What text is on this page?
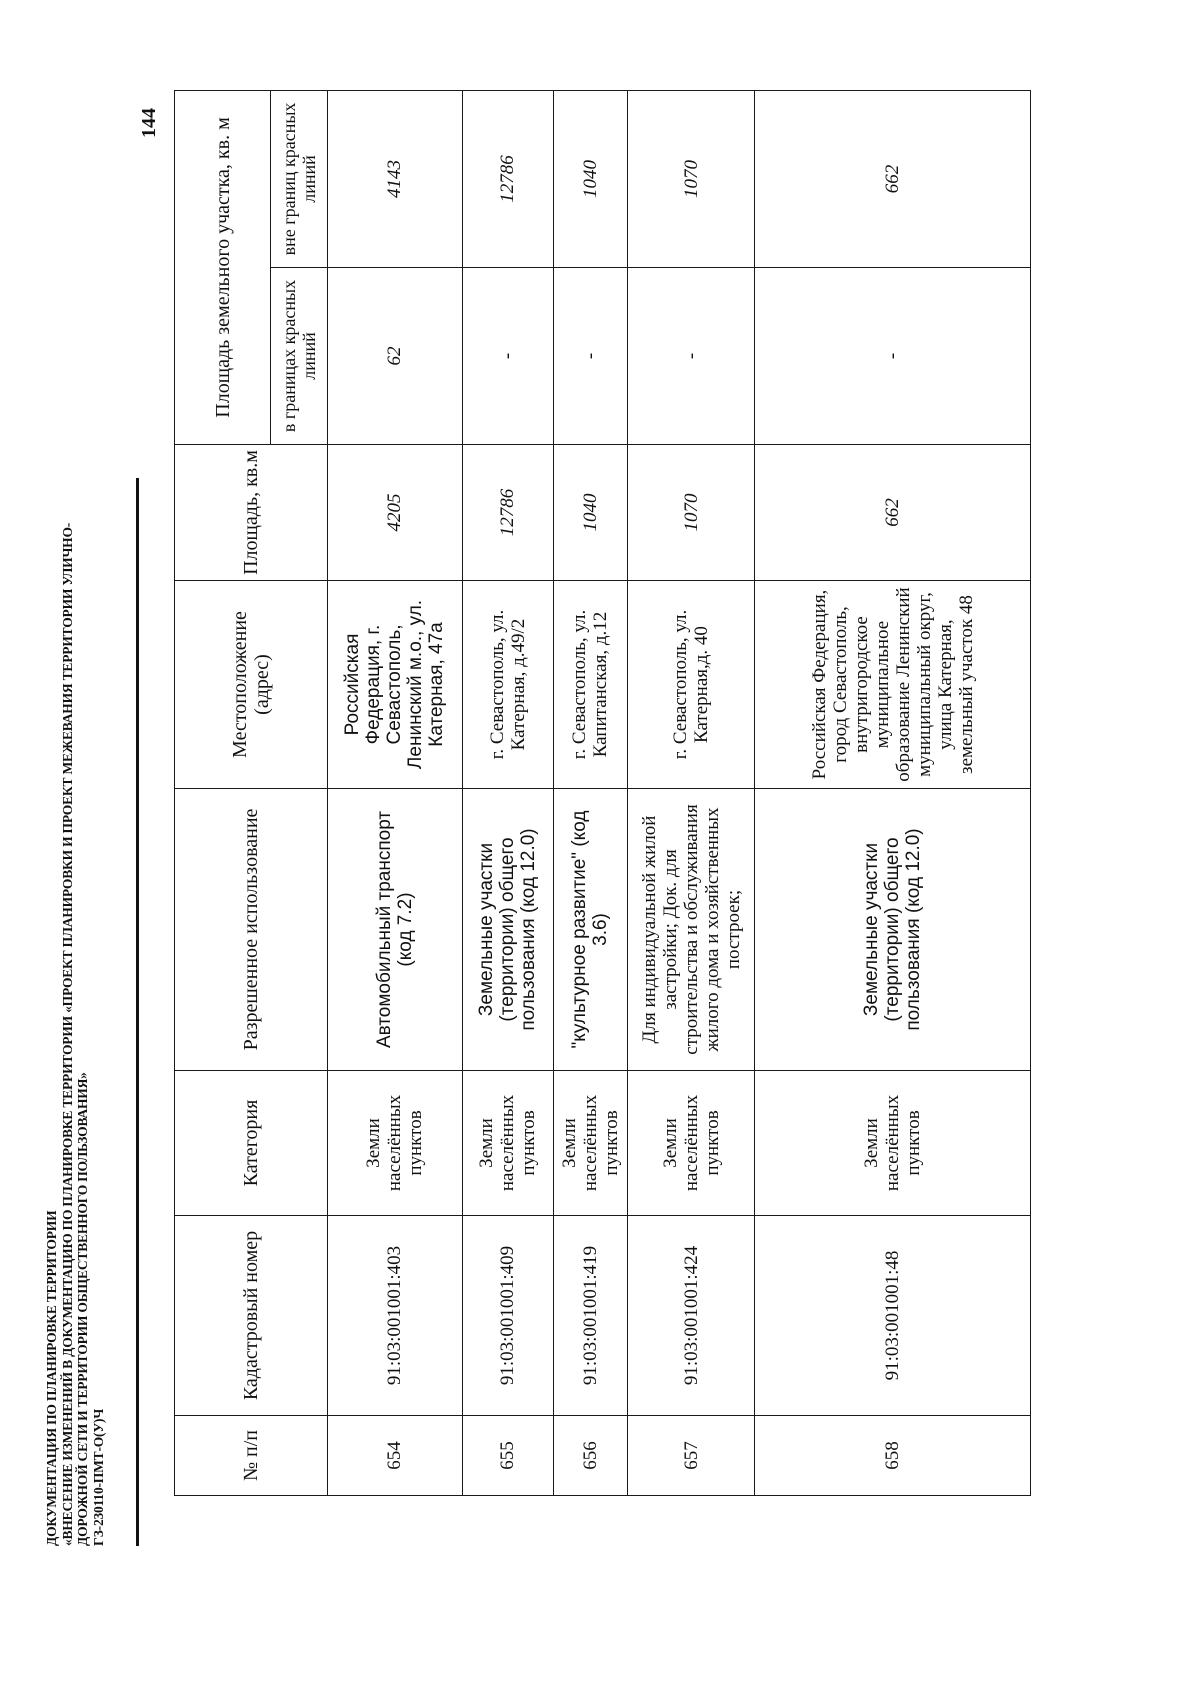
ДОКУМЕНТАЦИЯ ПО ПЛАНИРОВКЕ ТЕРРИТОРИИ «ВНЕСЕНИЕ ИЗМЕНЕНИЙ В ДОКУМЕНТАЦИЮ ПО ПЛАНИРОВКЕ ТЕРРИТОРИИ «ПРОЕКТ ПЛАНИРОВКИ И ПРОЕКТ МЕЖЕВАНИЯ ТЕРРИТОРИИ УЛИЧНО- ДОРОЖНОЙ СЕТИ И ТЕРРИТОРИИ ОБЩЕСТВЕННОГО ПОЛЬЗОВАНИЯ» ГЗ-230110-ПМТ-О(У)Ч
144
№ п/п	Кадастровый номер	Категория	Разрешенное использование	Местоположение (адрес)	Площадь, кв.м	Площадь земельного участка, кв. м	
						в границах красных линий	вне границ красных линий
654	91:03:001001:403	Земли населённых пунктов	Автомобильный транспорт (код 7.2)	Российская Федерация, г. Севастополь, Ленинский м.о., ул. Катерная, 47а	4205	62	4143
655	91:03:001001:409	Земли населённых пунктов	Земельные участки (территории) общего пользования (код 12.0)	г. Севастополь, ул. Катерная, д.49/2	12786	-	12786
656	91:03:001001:419	Земли населённых пунктов	"культурное развитие" (код 3.6)	г. Севастополь, ул. Капитанская, д.12	1040	-	1040
657	91:03:001001:424	Земли населённых пунктов	Для индивидуальной жилой застройки; Док. для строительства и обслуживания жилого дома и хозяйственных построек;	г. Севастополь, ул. Катерная,д. 40	1070	-	1070
658	91:03:001001:48	Земли населённых пунктов	Земельные участки (территории) общего пользования (код 12.0)	Российская Федерация, город Севастополь, внутригородское муниципальное образование Ленинский муниципальный округ, улица Катерная, земельный участок 48	662	-	662
